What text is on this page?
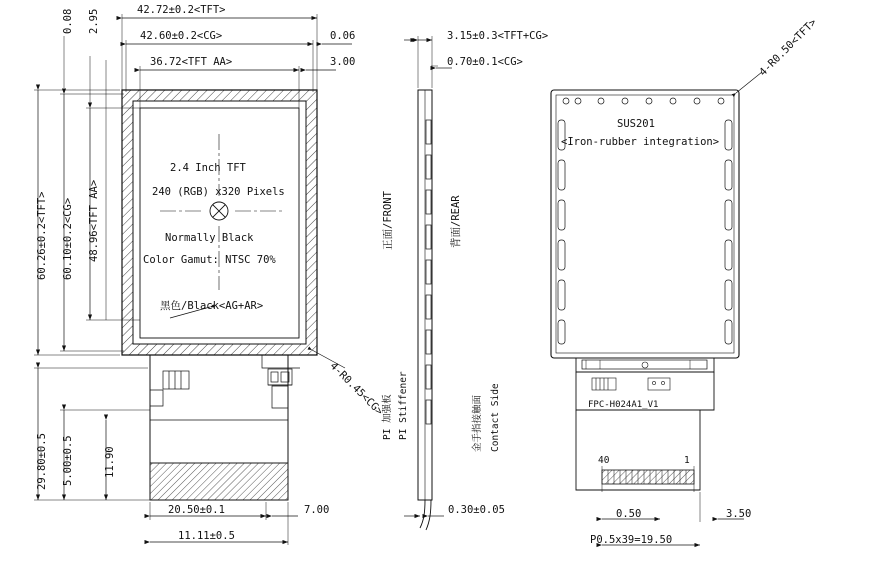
42.72±0.2<TFT>
42.60±0.2<CG>
36.72<TFT AA>
0.06
3.00
3.15±0.3<TFT+CG>
0.70±0.1<CG>
0.08 2.95
60.26±0.2<TFT> 60.10±0.2<CG> 48.96<TFT AA>
29.80±0.5 5.00±0.5	11.90
2.4 Inch TFT
240 (RGB) x320 Pixels
Normally Black
Color Gamut: NTSC 70%
黑色/Black<AG+AR>
4-R0.45<CG>
4-R0.50<TFT>
20.50±0.1	7.00
11.11±0.5
0.30±0.05
P0.5x39=19.50
0.50	3.50
正面/FRONT	背面/REAR
PI 加强板 PI Stiffener	金手指接触面 Contact Side
SUS201
<Iron-rubber integration>
FPC-H024A1_V1
40	1
